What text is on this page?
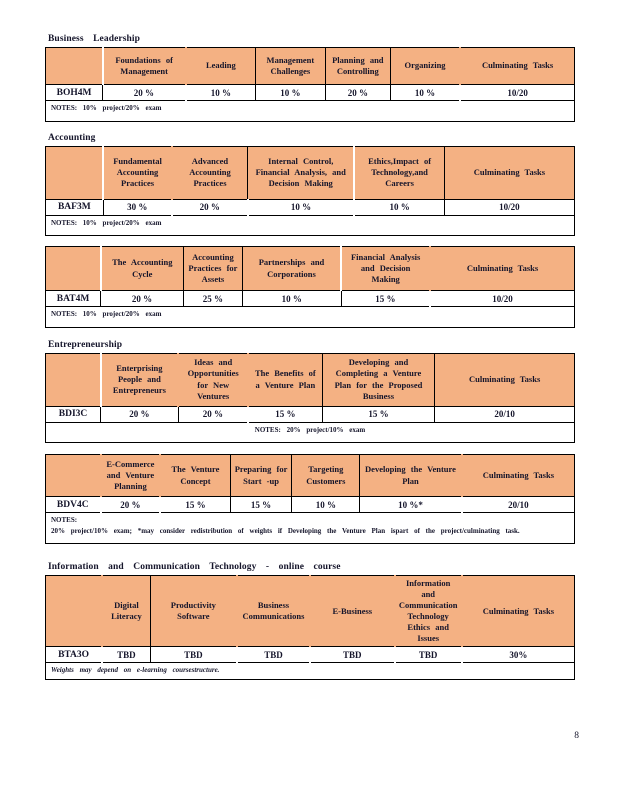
Business Leadership
	Foundations of Management	Leading	Management Challenges	Planning and Controlling	Organizing	Culminating Tasks
BOH4M	20 %	10 %	10 %	20 %	10 %	10/20

NOTES: 10% project/20% exam						
Accounting
	Fundamental Accounting Practices	Advanced Accounting Practices	Internal Control, Financial Analysis, and Decision Making	Ethics,Impact of Technology,and Careers	Culminating Tasks
BAF3M	30 %	20 %	10 %	10 %	10/20

NOTES: 10% project/20% exam					
	The Accounting Cycle	Accounting Practices for Assets	Partnerships and Corporations	Financial Analysis and Decision Making	Culminating Tasks
BAT4M	20 %	25 %	10 %	15 %	10/20

NOTES: 10% project/20% exam					
Entrepreneurship
	Enterprising People and Entrepreneurs	Ideas and Opportunities for New Ventures	The Benefits of a Venture Plan	Developing and Completing a Venture Plan for the Proposed Business	Culminating Tasks
BDI3C	20 %	20 %	15 %	15 %	20/10

NOTES: 20% project/10% exam					
	E-Commerce and Venture Planning	The Venture Concept	Preparing for Start -up	Targeting Customers	Developing the Venture Plan	Culminating Tasks
BDV4C	20 %	15 %	15 %	10 %	10 %*	20/10

NOTES:
20% project/10% exam; *may consider redistribution of weights if Developing the Venture Plan ispart of the project/culminating task.						
Information and Communication Technology - online course
	Digital Literacy	Productivity Software	Business Communications	E-Business	Information and Communication Technology Ethics and Issues	Culminating Tasks
BTA3O	TBD	TBD	TBD	TBD	TBD	30%

Weights may depend on e-learning coursestructure.						
8
